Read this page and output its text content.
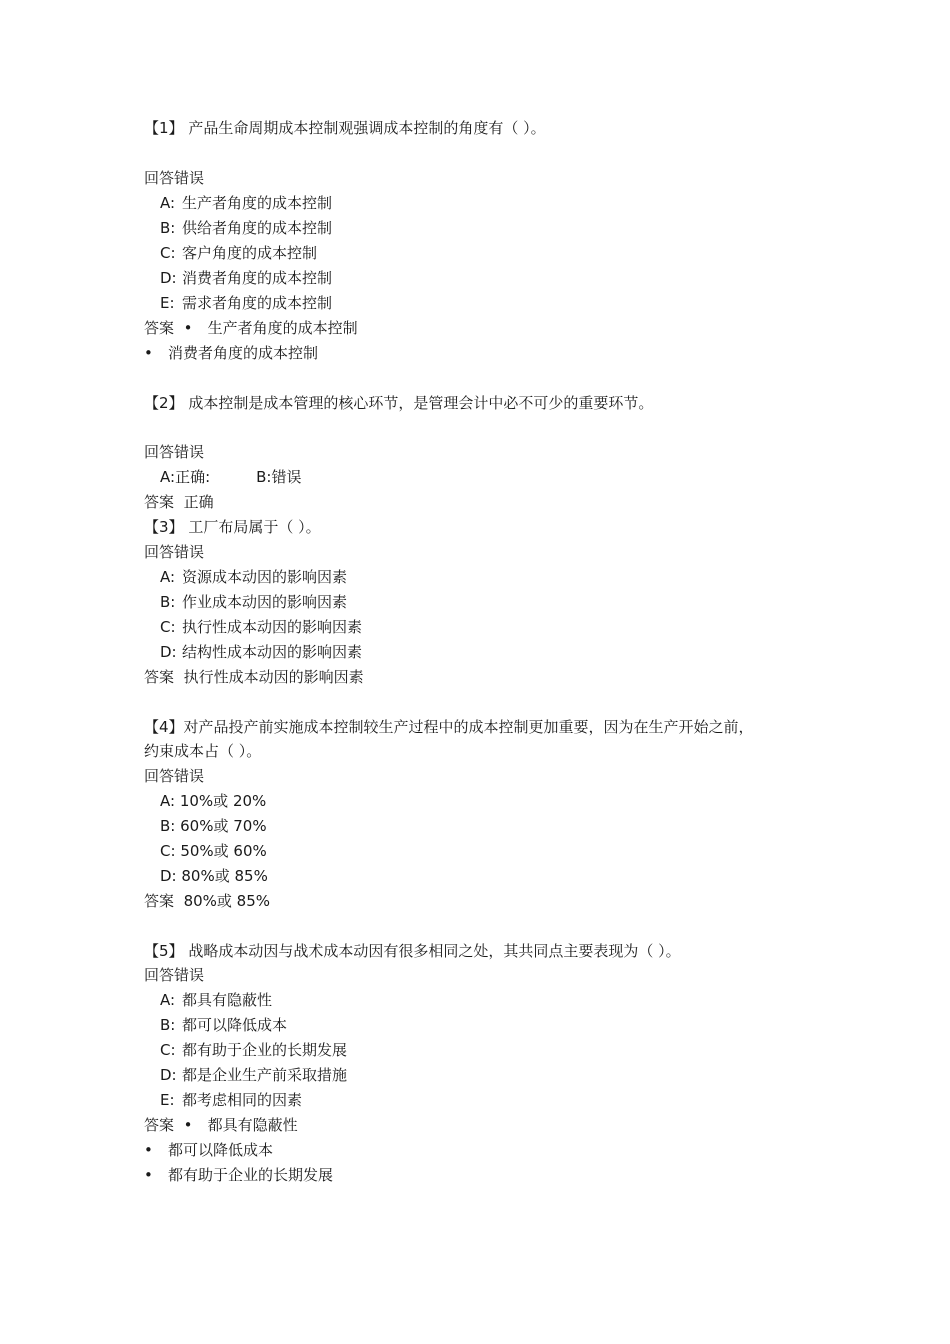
【1】 产品生命周期成本控制观强调成本控制的角度有（ ）。
回答错误
A: 生产者角度的成本控制
B: 供给者角度的成本控制
C: 客户角度的成本控制
D: 消费者角度的成本控制
E: 需求者角度的成本控制
答案 • 生产者角度的成本控制
• 消费者角度的成本控制
【2】 成本控制是成本管理的核心环节，是管理会计中必不可少的重要环节。
回答错误
A:正确:	B:错误
答案 正确
【3】 工厂布局属于（ ）。
回答错误
A: 资源成本动因的影响因素
B: 作业成本动因的影响因素
C: 执行性成本动因的影响因素
D: 结构性成本动因的影响因素
答案 执行性成本动因的影响因素
【4】对产品投产前实施成本控制较生产过程中的成本控制更加重要，因为在生产开始之前，
约束成本占（ ）。
回答错误
A: 10%或 20%
B: 60%或 70%
C: 50%或 60%
D: 80%或 85%
答案 80%或 85%
【5】 战略成本动因与战术成本动因有很多相同之处，其共同点主要表现为（ ）。
回答错误
A: 都具有隐蔽性
B: 都可以降低成本
C: 都有助于企业的长期发展
D: 都是企业生产前采取措施
E: 都考虑相同的因素
答案 • 都具有隐蔽性
• 都可以降低成本
• 都有助于企业的长期发展
